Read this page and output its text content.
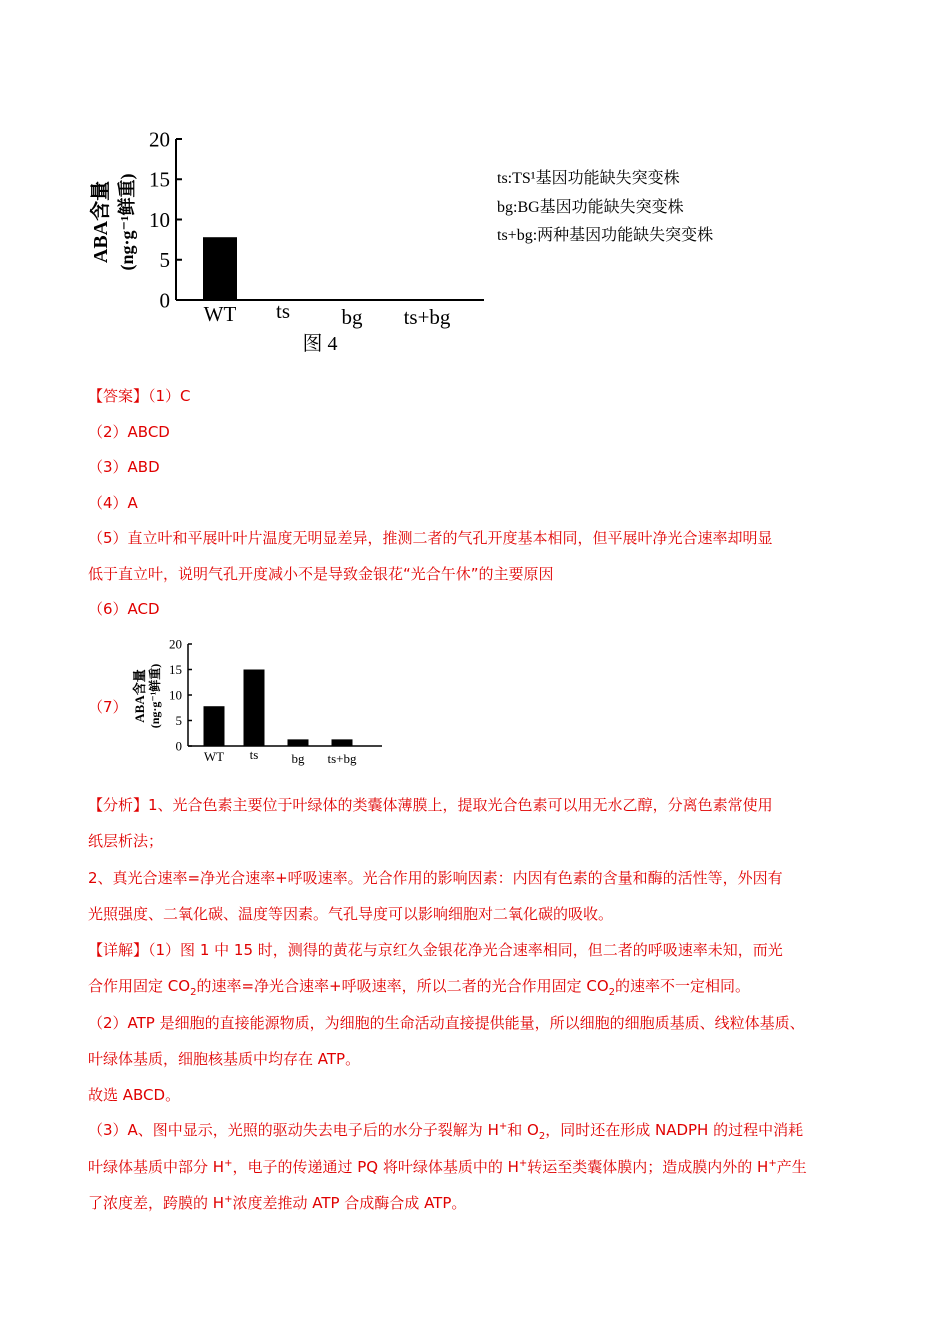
0
5
10
15
20
WT ts bg ts+bg
ABA含量 (ng·g⁻¹鲜重)
图 4
ts:TS¹基因功能缺失突变株
bg:BG基因功能缺失突变株
ts+bg:两种基因功能缺失突变株
【答案】（1）C
（2）ABCD
（3）ABD
（4）A
（5）直立叶和平展叶叶片温度无明显差异，推测二者的气孔开度基本相同，但平展叶净光合速率却明显
低于直立叶，说明气孔开度减小不是导致金银花“光合午休”的主要原因
（6）ACD
（7）
0
5
10
15
20
WT ts	bg ts+bg
ABA含量 (ng·g⁻¹鲜重)
【分析】1、光合色素主要位于叶绿体的类囊体薄膜上，提取光合色素可以用无水乙醇，分离色素常使用
纸层析法；
2、真光合速率=净光合速率+呼吸速率。光合作用的影响因素：内因有色素的含量和酶的活性等，外因有
光照强度、二氧化碳、温度等因素。气孔导度可以影响细胞对二氧化碳的吸收。
【详解】（1）图 1 中 15 时，测得的黄花与京红久金银花净光合速率相同，但二者的呼吸速率未知，而光
合作用固定 $CO_2$的速率=净光合速率+呼吸速率，所以二者的光合作用固定 $CO_2$的速率不一定相同。
（2）ATP 是细胞的直接能源物质，为细胞的生命活动直接提供能量，所以细胞的细胞质基质、线粒体基质、
叶绿体基质，细胞核基质中均存在 ATP。
故选 ABCD。
（3）A、图中显示，光照的驱动失去电子后的水分子裂解为 H+和 $O_2$，同时还在形成 NADPH 的过程中消耗
叶绿体基质中部分 H+，电子的传递通过 PQ 将叶绿体基质中的 H+转运至类囊体膜内；造成膜内外的 H+产生
了浓度差，跨膜的 H+浓度差推动 ATP 合成酶合成 ATP。
